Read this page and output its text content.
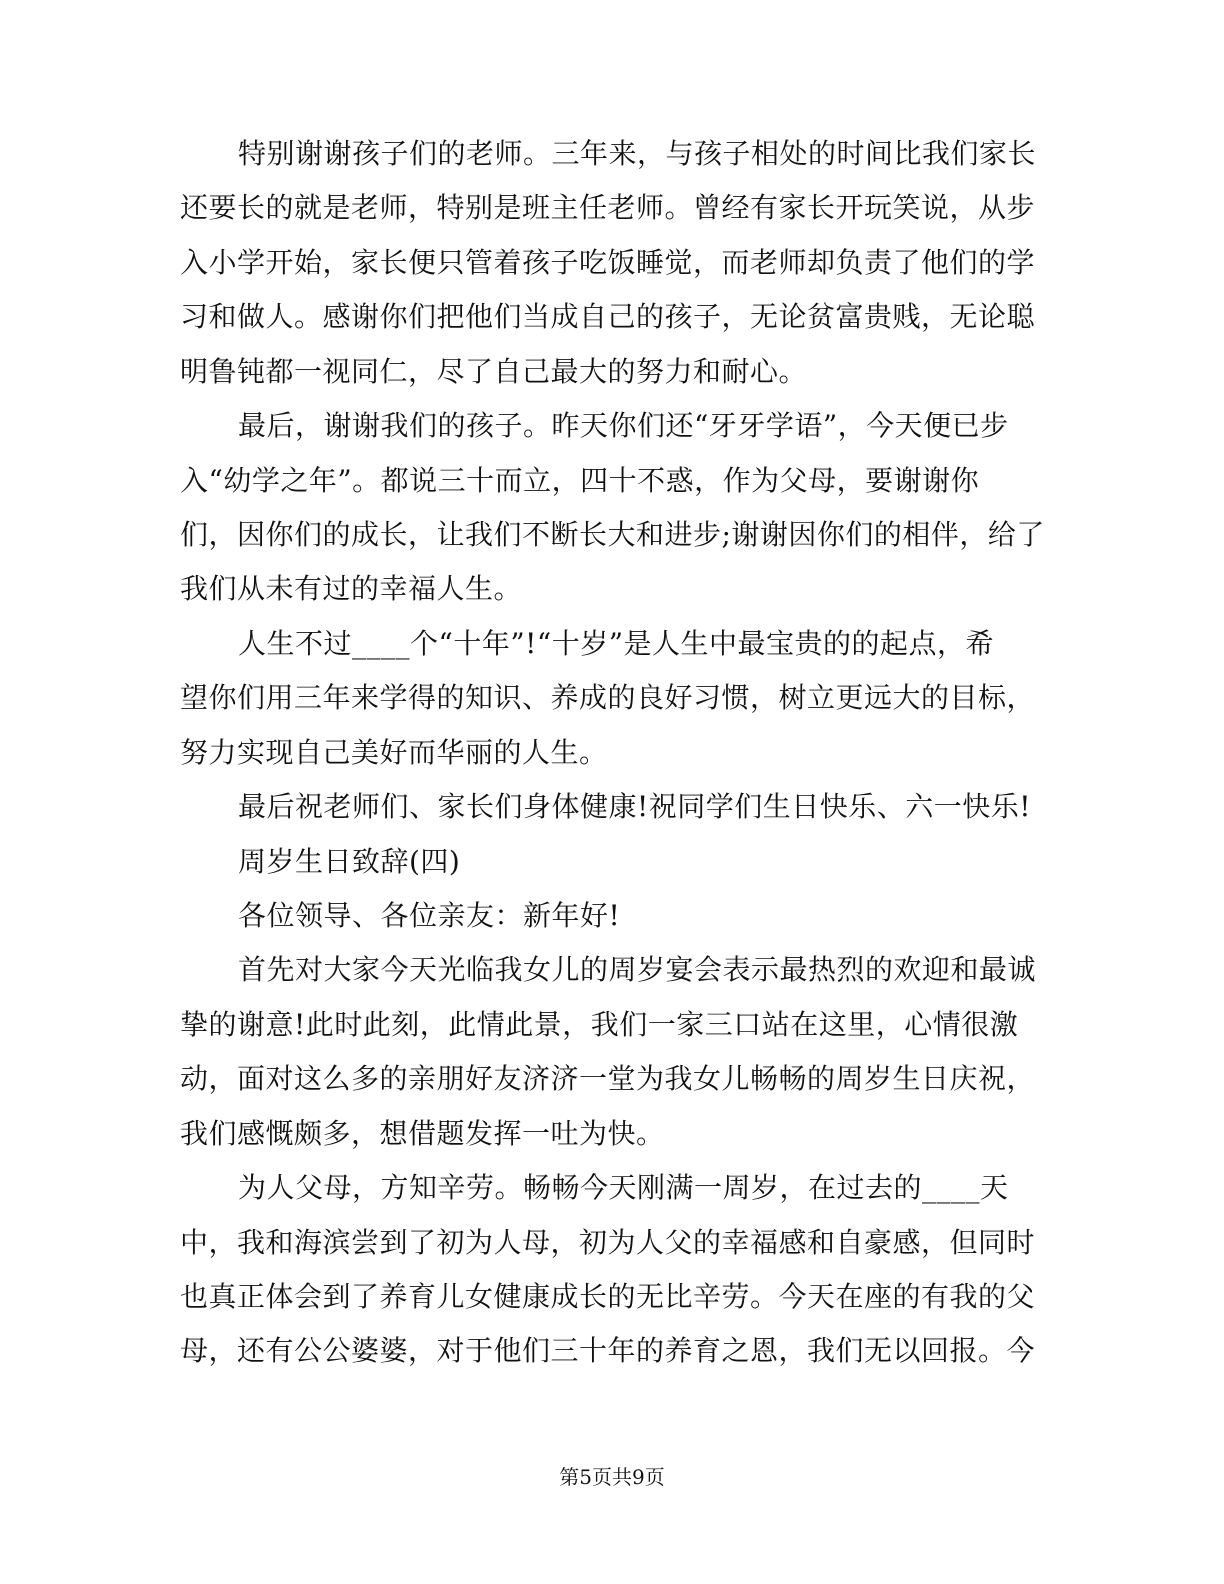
特别谢谢孩子们的老师。三年来，与孩子相处的时间比我们家长
还要长的就是老师，特别是班主任老师。曾经有家长开玩笑说，从步
入小学开始，家长便只管着孩子吃饭睡觉，而老师却负责了他们的学
习和做人。感谢你们把他们当成自己的孩子，无论贫富贵贱，无论聪
明鲁钝都一视同仁，尽了自己最大的努力和耐心。
最后，谢谢我们的孩子。昨天你们还“牙牙学语”，今天便已步
入“幼学之年”。都说三十而立，四十不惑，作为父母，要谢谢你
们，因你们的成长，让我们不断长大和进步;谢谢因你们的相伴，给了
我们从未有过的幸福人生。
人生不过____个“十年”!“十岁”是人生中最宝贵的的起点，希
望你们用三年来学得的知识、养成的良好习惯，树立更远大的目标，
努力实现自己美好而华丽的人生。
最后祝老师们、家长们身体健康!祝同学们生日快乐、六一快乐!
周岁生日致辞(四)
各位领导、各位亲友：新年好!
首先对大家今天光临我女儿的周岁宴会表示最热烈的欢迎和最诚
挚的谢意!此时此刻，此情此景，我们一家三口站在这里，心情很激
动，面对这么多的亲朋好友济济一堂为我女儿畅畅的周岁生日庆祝，
我们感慨颇多，想借题发挥一吐为快。
为人父母，方知辛劳。畅畅今天刚满一周岁，在过去的____天
中，我和海滨尝到了初为人母，初为人父的幸福感和自豪感，但同时
也真正体会到了养育儿女健康成长的无比辛劳。今天在座的有我的父
母，还有公公婆婆，对于他们三十年的养育之恩，我们无以回报。今
第5页共9页
